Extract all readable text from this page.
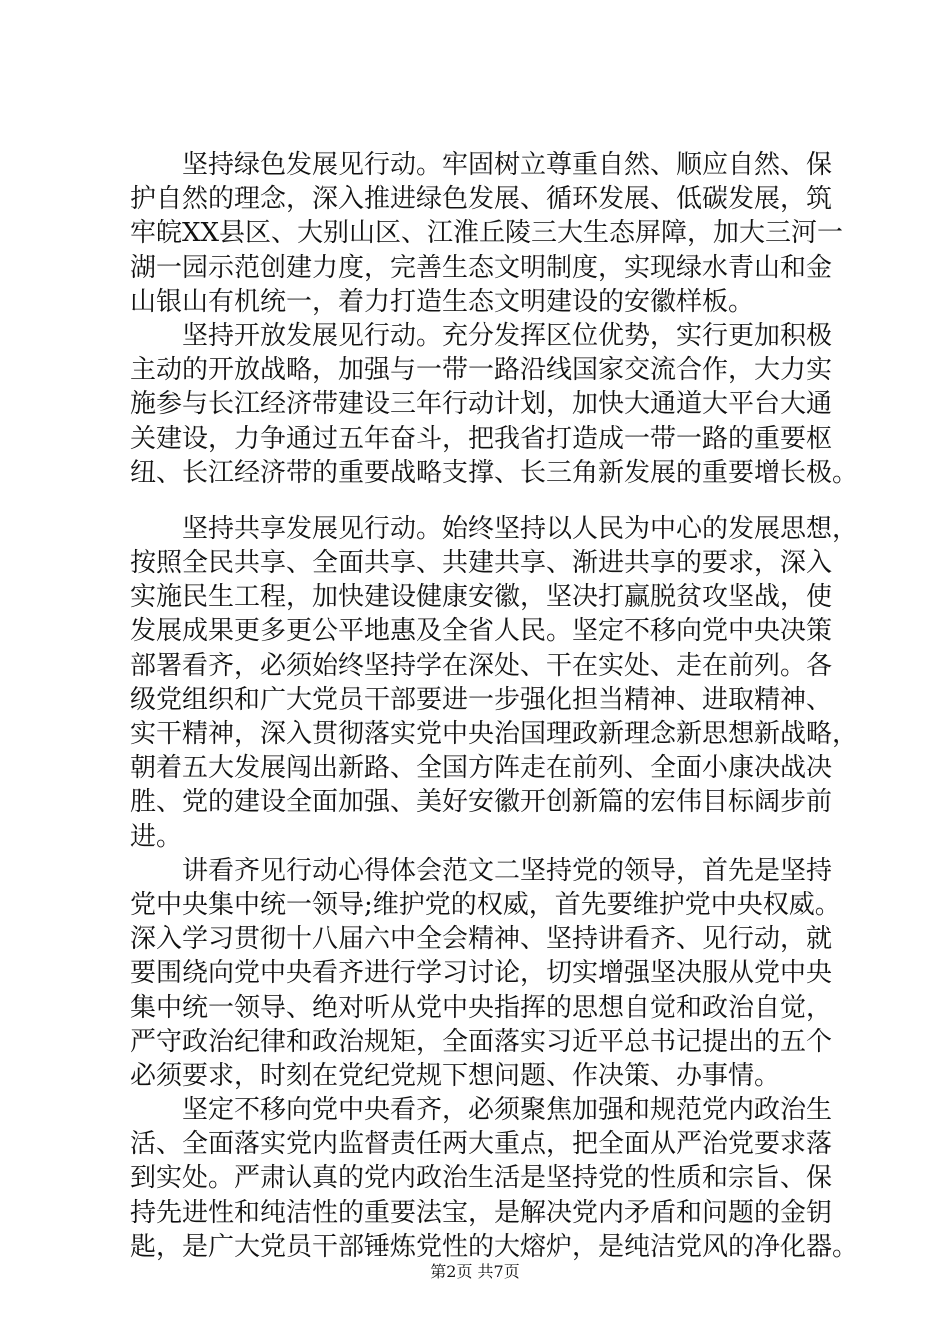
　　坚持绿色发展见行动。牢固树立尊重自然、顺应自然、保
护自然的理念，深入推进绿色发展、循环发展、低碳发展，筑
牢皖XX县区、大别山区、江淮丘陵三大生态屏障，加大三河一
湖一园示范创建力度，完善生态文明制度，实现绿水青山和金
山银山有机统一，着力打造生态文明建设的安徽样板。
　　坚持开放发展见行动。充分发挥区位优势，实行更加积极
主动的开放战略，加强与一带一路沿线国家交流合作，大力实
施参与长江经济带建设三年行动计划，加快大通道大平台大通
关建设，力争通过五年奋斗，把我省打造成一带一路的重要枢
纽、长江经济带的重要战略支撑、长三角新发展的重要增长极。
　　坚持共享发展见行动。始终坚持以人民为中心的发展思想，
按照全民共享、全面共享、共建共享、渐进共享的要求，深入
实施民生工程，加快建设健康安徽，坚决打赢脱贫攻坚战，使
发展成果更多更公平地惠及全省人民。坚定不移向党中央决策
部署看齐，必须始终坚持学在深处、干在实处、走在前列。各
级党组织和广大党员干部要进一步强化担当精神、进取精神、
实干精神，深入贯彻落实党中央治国理政新理念新思想新战略，
朝着五大发展闯出新路、全国方阵走在前列、全面小康决战决
胜、党的建设全面加强、美好安徽开创新篇的宏伟目标阔步前
进。
　　讲看齐见行动心得体会范文二坚持党的领导，首先是坚持
党中央集中统一领导;维护党的权威，首先要维护党中央权威。
深入学习贯彻十八届六中全会精神、坚持讲看齐、见行动，就
要围绕向党中央看齐进行学习讨论，切实增强坚决服从党中央
集中统一领导、绝对听从党中央指挥的思想自觉和政治自觉，
严守政治纪律和政治规矩，全面落实习近平总书记提出的五个
必须要求，时刻在党纪党规下想问题、作决策、办事情。
　　坚定不移向党中央看齐，必须聚焦加强和规范党内政治生
活、全面落实党内监督责任两大重点，把全面从严治党要求落
到实处。严肃认真的党内政治生活是坚持党的性质和宗旨、保
持先进性和纯洁性的重要法宝，是解决党内矛盾和问题的金钥
匙，是广大党员干部锤炼党性的大熔炉，是纯洁党风的净化器。
第2页 共7页
